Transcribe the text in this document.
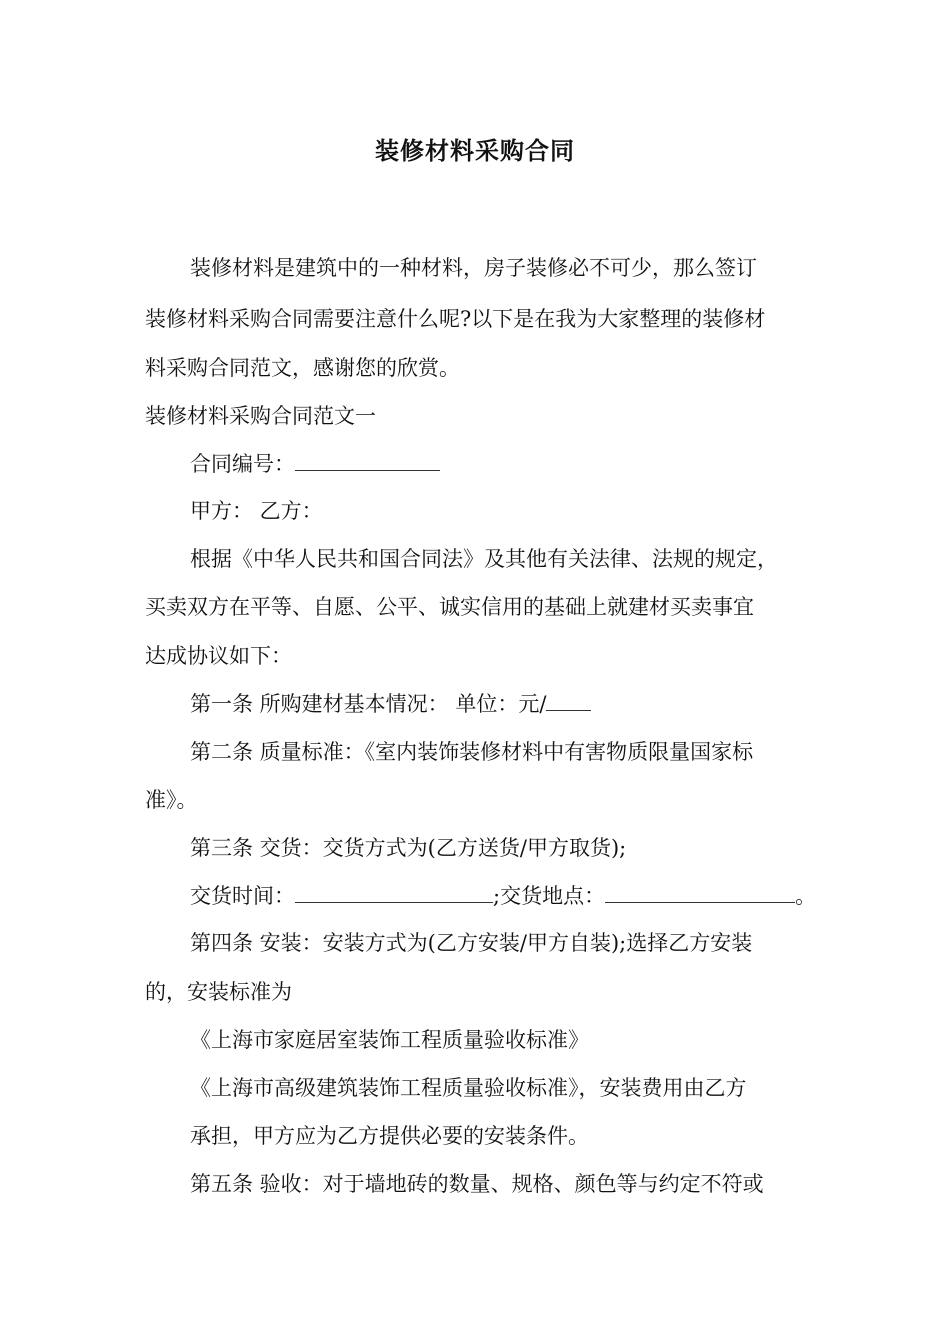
装修材料采购合同

装修材料是建筑中的一种材料，房子装修必不可少，那么签订

装修材料采购合同需要注意什么呢?以下是在我为大家整理的装修材

料采购合同范文，感谢您的欣赏。

装修材料采购合同范文一

合同编号：

甲方： 乙方：

根据《中华人民共和国合同法》及其他有关法律、法规的规定，

买卖双方在平等、自愿、公平、诚实信用的基础上就建材买卖事宜

达成协议如下：

第一条 所购建材基本情况： 单位：元/

第二条 质量标准：《室内装饰装修材料中有害物质限量国家标

准》。

第三条 交货：交货方式为(乙方送货/甲方取货);

交货时间：	;交货地点：	。

第四条 安装：安装方式为(乙方安装/甲方自装);选择乙方安装

的，安装标准为

《上海市家庭居室装饰工程质量验收标准》

《上海市高级建筑装饰工程质量验收标准》，安装费用由乙方

承担，甲方应为乙方提供必要的安装条件。

第五条 验收：对于墙地砖的数量、规格、颜色等与约定不符或
